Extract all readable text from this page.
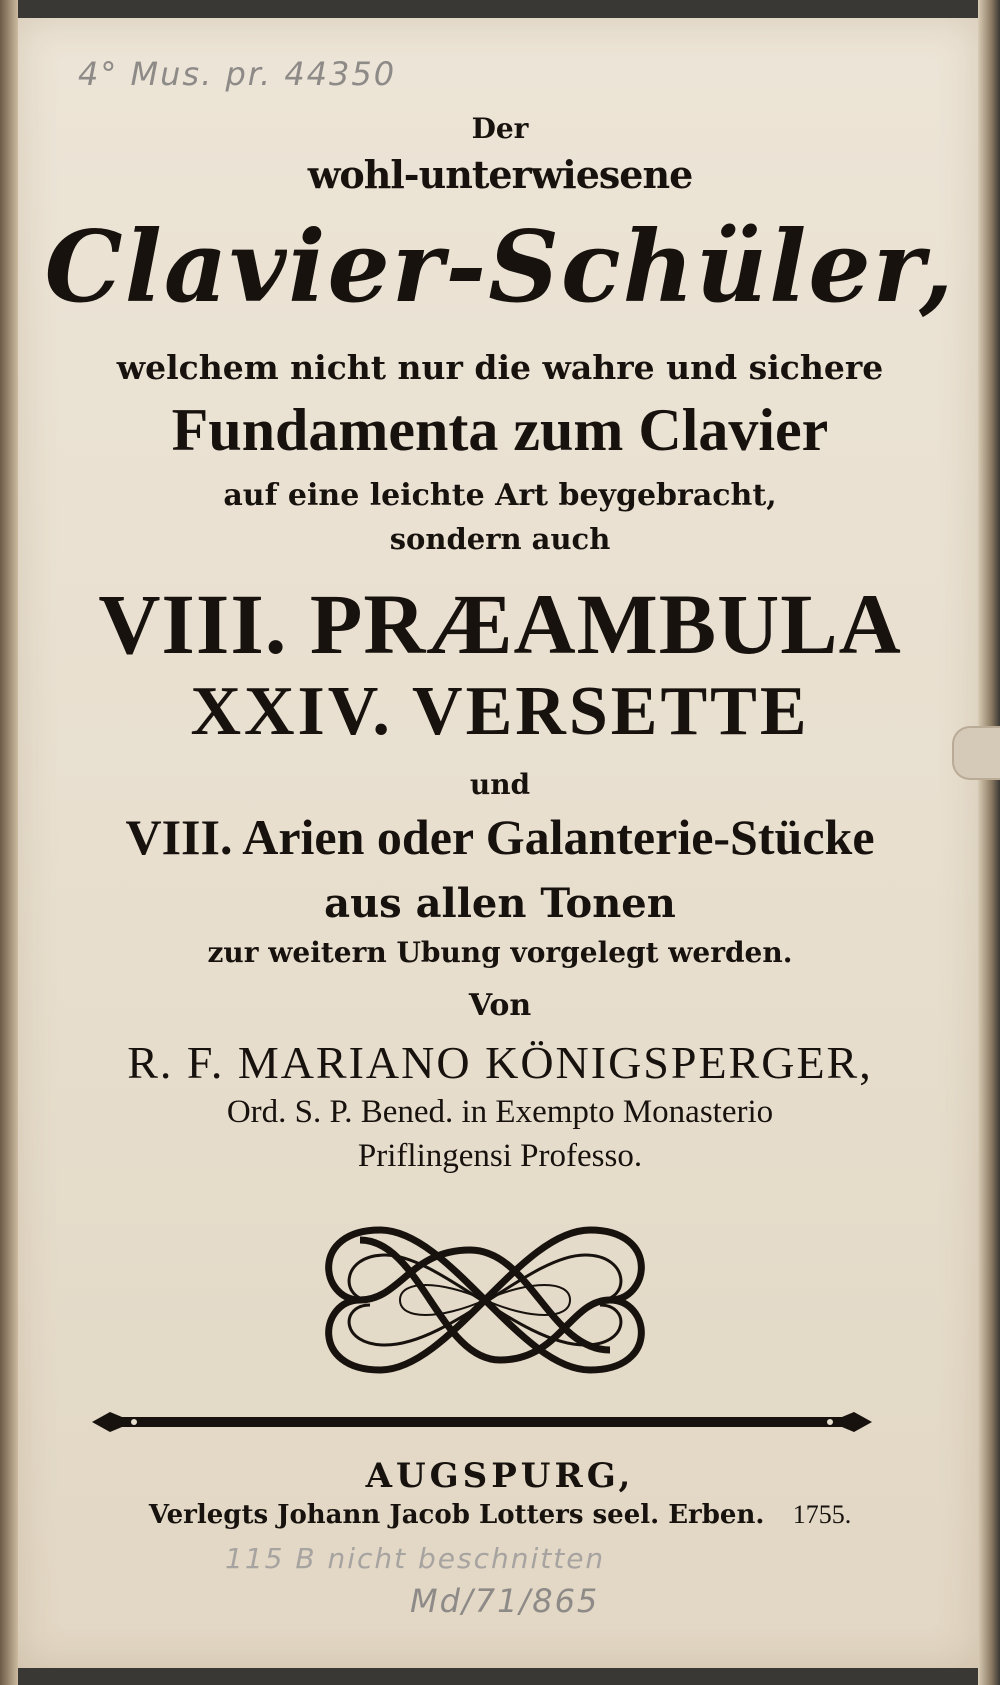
4° Mus. pr. 44350
Der
wohl-unterwiesene
Clavier-Schüler,
welchem nicht nur die wahre und sichere
Fundamenta zum Clavier
auf eine leichte Art beygebracht,
sondern auch
VIII. PRÆAMBULA
XXIV. VERSETTE
und
VIII. Arien oder Galanterie-Stücke
aus allen Tonen
zur weitern Ubung vorgelegt werden.
Von
R. F. MARIANO KÖNIGSPERGER,
Ord. S. P. Bened. in Exempto Monasterio
Priflingensi Professo.
AUGSPURG,
Verlegts Johann Jacob Lotters seel. Erben. 1755.
115 B nicht beschnitten
Md/71/865
